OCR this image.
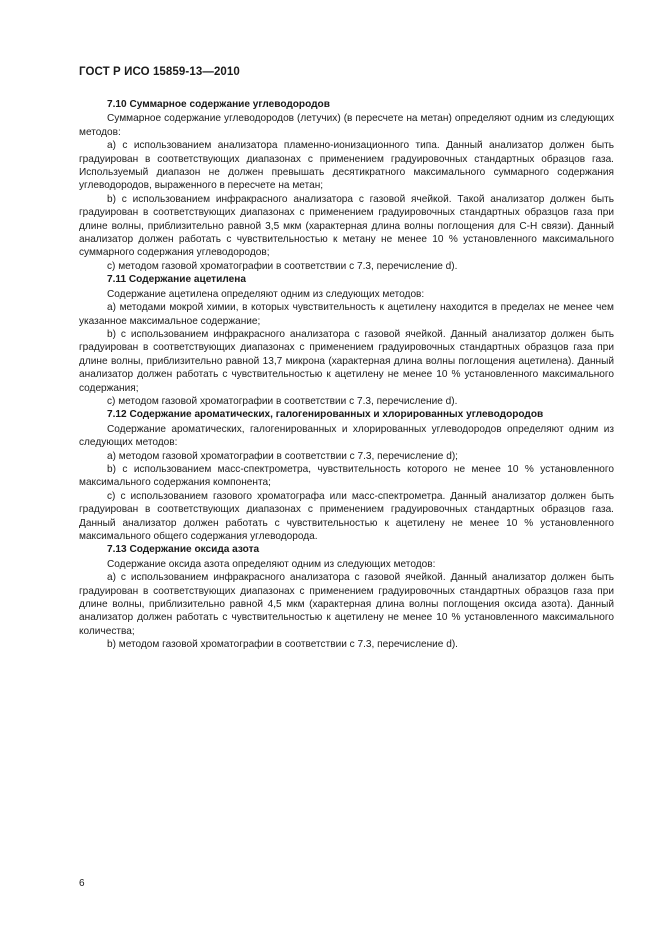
ГОСТ Р ИСО 15859-13—2010

7.10 Суммарное содержание углеводородов

Суммарное содержание углеводородов (летучих) (в пересчете на метан) определяют одним из следующих методов:

а) с использованием анализатора пламенно-ионизационного типа. Данный анализатор должен быть градуирован в соответствующих диапазонах с применением градуировочных стандартных образцов газа. Используемый диапазон не должен превышать десятикратного максимального суммарного содержания углеводородов, выраженного в пересчете на метан;

b) с использованием инфракрасного анализатора с газовой ячейкой. Такой анализатор должен быть градуирован в соответствующих диапазонах с применением градуировочных стандартных образцов газа при длине волны, приблизительно равной 3,5 мкм (характерная длина волны поглощения для С-Н связи). Данный анализатор должен работать с чувствительностью к метану не менее 10 % установленного максимального суммарного содержания углеводородов;

с) методом газовой хроматографии в соответствии с 7.3, перечисление d).

7.11 Содержание ацетилена

Содержание ацетилена определяют одним из следующих методов:

а) методами мокрой химии, в которых чувствительность к ацетилену находится в пределах не менее чем указанное максимальное содержание;

b) с использованием инфракрасного анализатора с газовой ячейкой. Данный анализатор должен быть градуирован в соответствующих диапазонах с применением градуировочных стандартных образцов газа при длине волны, приблизительно равной 13,7 микрона (характерная длина волны поглощения ацетилена). Данный анализатор должен работать с чувствительностью к ацетилену не менее 10 % установленного максимального содержания;

с) методом газовой хроматографии в соответствии с 7.3, перечисление d).

7.12 Содержание ароматических, галогенированных и хлорированных углеводородов

Содержание ароматических, галогенированных и хлорированных углеводородов определяют одним из следующих методов:

а) методом газовой хроматографии в соответствии с 7.3, перечисление d);

b) с использованием масс-спектрометра, чувствительность которого не менее 10 % установленного максимального содержания компонента;

с) с использованием газового хроматографа или масс-спектрометра. Данный анализатор должен быть градуирован в соответствующих диапазонах с применением градуировочных стандартных образцов газа. Данный анализатор должен работать с чувствительностью к ацетилену не менее 10 % установленного максимального общего содержания углеводорода.

7.13 Содержание оксида азота

Содержание оксида азота определяют одним из следующих методов:

а) с использованием инфракрасного анализатора с газовой ячейкой. Данный анализатор должен быть градуирован в соответствующих диапазонах с применением градуировочных стандартных образцов газа при длине волны, приблизительно равной 4,5 мкм (характерная длина волны поглощения оксида азота). Данный анализатор должен работать с чувствительностью к ацетилену не менее 10 % установленного максимального количества;

b) методом газовой хроматографии в соответствии с 7.3, перечисление d).

6
